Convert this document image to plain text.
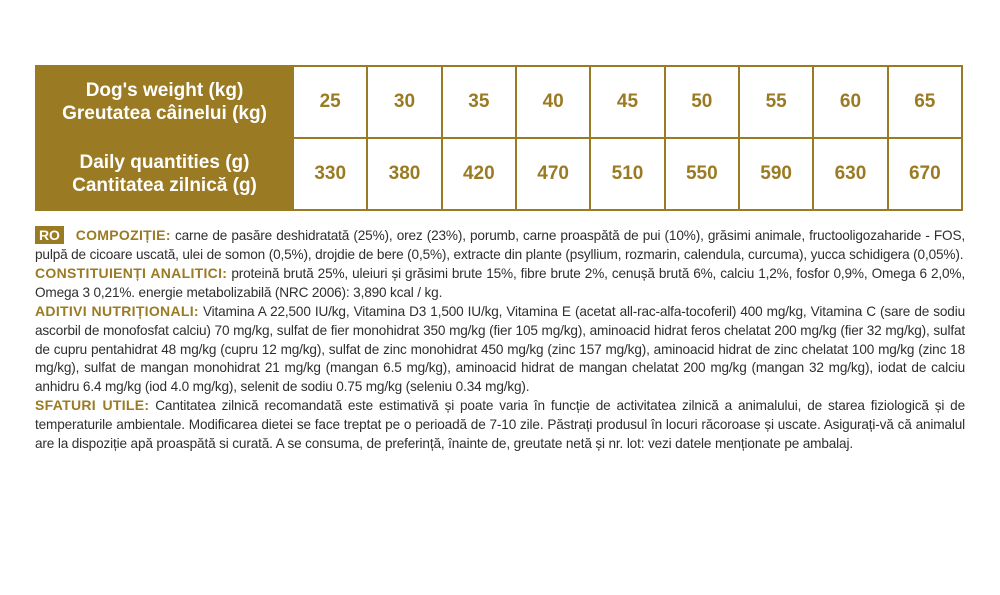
Dog's weight (kg)
Greutatea câinelui (kg)	25	30	35	40	45	50	55	60	65

Daily quantities (g)
Cantitatea zilnică (g)	330	380	420	470	510	550	590	630	670

RO COMPOZIȚIE: carne de pasăre deshidratată (25%), orez (23%), porumb, carne proaspătă de pui (10%), grăsimi animale, fructooligozaharide - FOS, pulpă de cicoare uscată, ulei de somon (0,5%), drojdie de bere (0,5%), extracte din plante (psyllium, rozmarin, calendula, curcuma), yucca schidigera (0,05%).

CONSTITUIENȚI ANALITICI: proteină brută 25%, uleiuri și grăsimi brute 15%, fibre brute 2%, cenușă brută 6%, calciu 1,2%, fosfor 0,9%, Omega 6 2,0%, Omega 3 0,21%. energie metabolizabilă (NRC 2006): 3,890 kcal / kg.

ADITIVI NUTRIȚIONALI: Vitamina A 22,500 IU/kg, Vitamina D3 1,500 IU/kg, Vitamina E (acetat all-rac-alfa-tocoferil) 400 mg/kg, Vitamina C (sare de sodiu ascorbil de monofosfat calciu) 70 mg/kg, sulfat de fier monohidrat 350 mg/kg (fier 105 mg/kg), aminoacid hidrat feros chelatat 200 mg/kg (fier 32 mg/kg), sulfat de cupru pentahidrat 48 mg/kg (cupru 12 mg/kg), sulfat de zinc monohidrat 450 mg/kg (zinc 157 mg/kg), aminoacid hidrat de zinc chelatat 100 mg/kg (zinc 18 mg/kg), sulfat de mangan monohidrat 21 mg/kg (mangan 6.5 mg/kg), aminoacid hidrat de mangan chelatat 200 mg/kg (mangan 32 mg/kg), iodat de calciu anhidru 6.4 mg/kg (iod 4.0 mg/kg), selenit de sodiu 0.75 mg/kg (seleniu 0.34 mg/kg).

SFATURI UTILE: Cantitatea zilnică recomandată este estimativă și poate varia în funcție de activitatea zilnică a animalului, de starea fiziologică și de temperaturile ambientale. Modificarea dietei se face treptat pe o perioadă de 7-10 zile. Păstrați produsul în locuri răcoroase și uscate. Asigurați-vă că animalul are la dispoziție apă proaspătă si curată. A se consuma, de preferință, înainte de, greutate netă și nr. lot: vezi datele menționate pe ambalaj.
